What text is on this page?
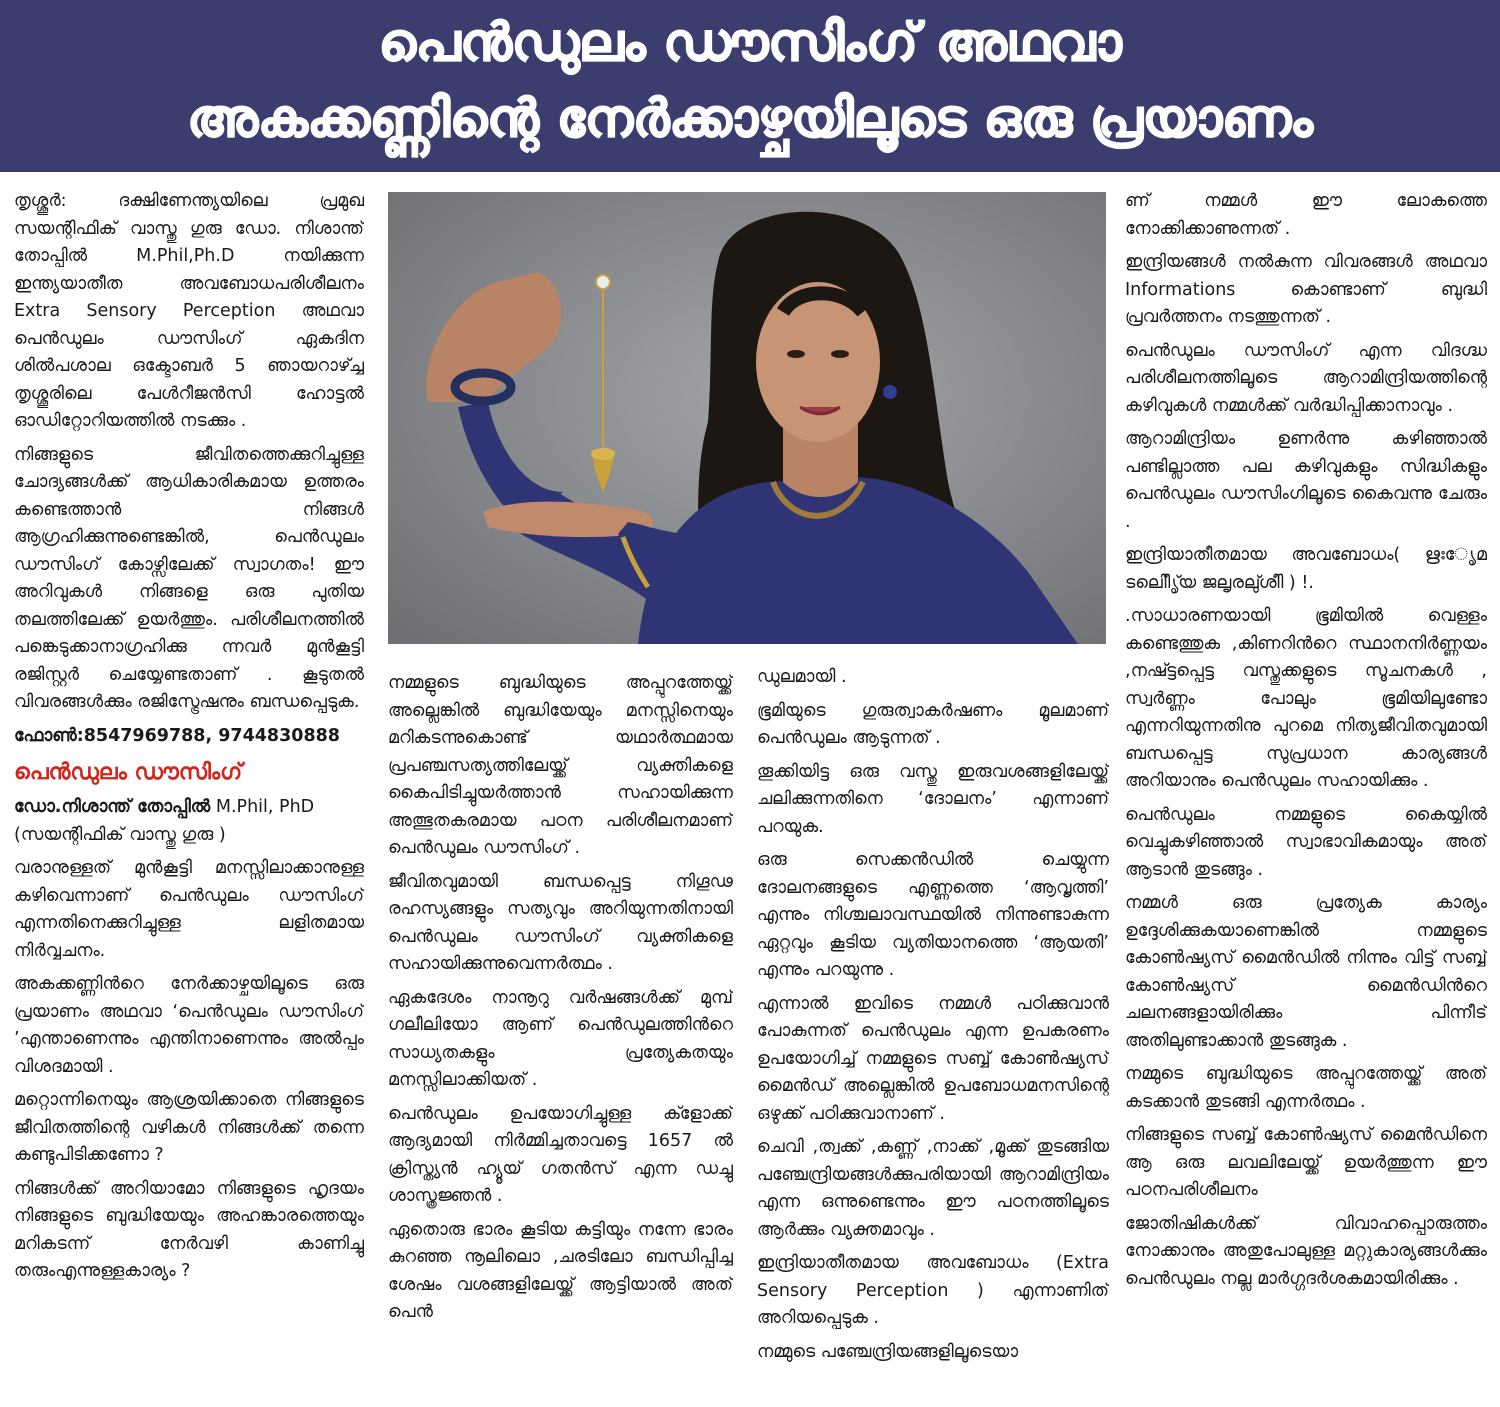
പെൻഡുലം ഡൗസിംഗ് അഥവാ
അകക്കണ്ണിന്റെ നേർക്കാഴ്ചയിലൂടെ ഒരു പ്രയാണം

തൃശ്ശൂർ: ദക്ഷിണേന്ത്യയിലെ പ്രമുഖ സയന്റിഫിക് വാസ്തു ഗുരു ഡോ. നിശാന്ത് തോപ്പിൽ M.Phil,Ph.D നയിക്കുന്ന ഇന്ത്യയാതീത അവബോധപരിശീലനം Extra Sensory Perception അഥവാ പെൻഡുലം ഡൗസിംഗ് ഏകദിന ശിൽപശാല ഒക്ടോബർ 5 ഞായറാഴ്ച്ച തൃശ്ശൂരിലെ പേൾറീജൻസി ഹോട്ടൽ ഓഡിറ്റോറിയത്തിൽ നടക്കും .

നിങ്ങളുടെ ജീവിതത്തെക്കുറിച്ചുള്ള ചോദ്യങ്ങൾക്ക് ആധികാരികമായ ഉത്തരം കണ്ടെത്താൻ നിങ്ങൾ ആഗ്രഹിക്കുന്നുണ്ടെങ്കിൽ, പെൻഡുലം ഡൗസിംഗ് കോഴ്സിലേക്ക് സ്വാഗതം! ഈ അറിവുകൾ നിങ്ങളെ ഒരു പുതിയ തലത്തിലേക്ക് ഉയർത്തും. പരിശീലനത്തിൽ പങ്കെടുക്കാനാഗ്രഹിക്കു ന്നവർ മുൻകൂട്ടി രജിസ്റ്റർ ചെയ്യേണ്ടതാണ് . കൂടുതൽ വിവരങ്ങൾക്കും രജിസ്ട്രേഷനും ബന്ധപ്പെടുക.

ഫോൺ:8547969788, 9744830888
പെൻഡുലം ഡൗസിംഗ്
ഡോ.നിശാന്ത് തോപ്പിൽ M.Phil, PhD

(സയന്റിഫിക് വാസ്തു ഗുരു )

വരാനുള്ളത് മുൻകൂട്ടി മനസ്സിലാക്കാനുള്ള കഴിവെന്നാണ് പെൻഡുലം ഡൗസിംഗ് എന്നതിനെക്കുറിച്ചുള്ള ലളിതമായ നിർവ്വചനം.

അകക്കണ്ണിൻറെ നേർക്കാഴ്ചയിലൂടെ ഒരു പ്രയാണം അഥവാ ‘പെൻഡുലം ഡൗസിംഗ് ’എന്താണെന്നും എന്തിനാണെന്നും അൽപ്പം വിശദമായി .

മറ്റൊന്നിനെയും ആശ്രയിക്കാതെ നിങ്ങളുടെ ജീവിതത്തിന്റെ വഴികൾ നിങ്ങൾക്ക് തന്നെ കണ്ടുപിടിക്കണോ ?

നിങ്ങൾക്ക് അറിയാമോ നിങ്ങളുടെ ഹൃദയം നിങ്ങളുടെ ബുദ്ധിയേയും അഹങ്കാരത്തെയും മറികടന്ന് നേർവഴി കാണിച്ചു തരുംഎന്നുള്ളകാര്യം ?

നമ്മളുടെ ബുദ്ധിയുടെ അപ്പുറത്തേയ്ക്ക് അല്ലെങ്കിൽ ബുദ്ധിയേയും മനസ്സിനെയും മറികടന്നുകൊണ്ട് യഥാർത്ഥമായ പ്രപഞ്ചസത്യത്തിലേയ്ക്ക് വ്യക്തികളെ കൈപിടിച്ചുയർത്താൻ സഹായിക്കുന്ന അത്ഭുതകരമായ പഠന പരിശീലനമാണ് പെൻഡുലം ഡൗസിംഗ് .

ജീവിതവുമായി ബന്ധപ്പെട്ട നിഗൂഢ രഹസ്യങ്ങളും സത്യവും അറിയുന്നതിനായി പെൻഡുലം ഡൗസിംഗ് വ്യക്തികളെ സഹായിക്കുന്നുവെന്നർത്ഥം .

ഏകദേശം നാനൂറു വർഷങ്ങൾക്ക് മുമ്പ് ഗലീലിയോ ആണ് പെൻഡുലത്തിൻറെ സാധ്യതകളും പ്രത്യേകതയും മനസ്സിലാക്കിയത് .

പെൻഡുലം ഉപയോഗിച്ചുള്ള ക്ളോക്ക് ആദ്യമായി നിർമ്മിച്ചതാവട്ടെ 1657 ൽ ക്രിസ്ത്യൻ ഹ്യൂയ് ഗതൻസ് എന്ന ഡച്ചു ശാസ്ത്രജ്ഞൻ .

ഏതൊരു ഭാരം കൂടിയ കട്ടിയും നന്നേ ഭാരം കുറഞ്ഞ നൂലിലൊ ,ചരടിലോ ബന്ധിപ്പിച്ച ശേഷം വശങ്ങളിലേയ്ക്ക് ആട്ടിയാൽ അത് പെൻ

ഡുലമായി .

ഭൂമിയുടെ ഗുരുത്വാകർഷണം മൂലമാണ് പെൻഡുലം ആടുന്നത് .

തൂക്കിയിട്ട ഒരു വസ്തു ഇരുവശങ്ങളിലേയ്ക്ക് ചലിക്കുന്നതിനെ ‘ദോലനം’ എന്നാണ് പറയുക.

ഒരു സെക്കൻഡിൽ ചെയ്യുന്ന ദോലനങ്ങളുടെ എണ്ണത്തെ ‘ആവൃത്തി’ എന്നും നിശ്ചലാവസ്ഥയിൽ നിന്നുണ്ടാകുന്ന ഏറ്റവും കൂടിയ വ്യതിയാനത്തെ ‘ആയതി’ എന്നും പറയുന്നു .

എന്നാൽ ഇവിടെ നമ്മൾ പഠിക്കുവാൻ പോകുന്നത് പെൻഡുലം എന്ന ഉപകരണം ഉപയോഗിച്ച് നമ്മളുടെ സബ്ബ് കോൺഷ്യസ് മൈൻഡ് അല്ലെങ്കിൽ ഉപബോധമനസിന്റെ ഒഴുക്ക് പഠിക്കുവാനാണ് .

ചെവി ,ത്വക്ക് ,കണ്ണ് ,നാക്ക് ,മൂക്ക് തുടങ്ങിയ പഞ്ചേന്ദ്രിയങ്ങൾക്കുപരിയായി ആറാമിന്ദ്രിയം എന്ന ഒന്നുണ്ടെന്നും ഈ പഠനത്തിലൂടെ ആർക്കും വ്യക്തമാവും .

ഇന്ദ്രിയാതീതമായ അവബോധം (Extra Sensory Perception ) എന്നാണിത് അറിയപ്പെടുക .

നമ്മുടെ പഞ്ചേന്ദ്രിയങ്ങളിലൂടെയാ

ണ് നമ്മൾ ഈ ലോകത്തെ നോക്കിക്കാണുന്നത് .

ഇന്ദ്രിയങ്ങൾ നൽകുന്ന വിവരങ്ങൾ അഥവാ Informations കൊണ്ടാണ് ബുദ്ധി പ്രവർത്തനം നടത്തുന്നത് .

പെൻഡുലം ഡൗസിംഗ് എന്ന വിദഗ്ദ്ധ പരിശീലനത്തിലൂടെ ആറാമിന്ദ്രിയത്തിന്റെ കഴിവുകൾ നമ്മൾക്ക് വർദ്ധിപ്പിക്കാനാവും .

ആറാമിന്ദ്രിയം ഉണർന്നു കഴിഞ്ഞാൽ പണ്ടില്ലാത്ത പല കഴിവുകളും സിദ്ധികളും പെൻഡുലം ഡൗസിംഗിലൂടെ കൈവന്നു ചേരും .

ഇന്ദ്രിയാതീതമായ അവബോധം( ഋഃേൃമ ടലിീെൃ്യ ജലൃരലു്ശീി ) !.

.സാധാരണയായി ഭൂമിയിൽ വെള്ളം കണ്ടെത്തുക ,കിണറിൻറെ സ്ഥാനനിർണ്ണയം ,നഷ്ട്ടപ്പെട്ട വസ്തുക്കളുടെ സൂചനകൾ , സ്വർണ്ണം പോലും ഭൂമിയിലുണ്ടോ എന്നറിയുന്നതിനു പുറമെ നിത്യജീവിതവുമായി ബന്ധപ്പെട്ട സുപ്രധാന കാര്യങ്ങൾ അറിയാനും പെൻഡുലം സഹായിക്കും .

പെൻഡുലം നമ്മളുടെ കൈയ്യിൽ വെച്ചുകഴിഞ്ഞാൽ സ്വാഭാവികമായും അത് ആടാൻ തുടങ്ങും .

നമ്മൾ ഒരു പ്രത്യേക കാര്യം ഉദ്ദേശിക്കുകയാണെങ്കിൽ നമ്മളുടെ കോൺഷ്യസ് മൈൻഡിൽ നിന്നും വിട്ട് സബ്ബ് കോൺഷ്യസ് മൈൻഡിൻറെ ചലനങ്ങളായിരിക്കും പിന്നീട് അതിലുണ്ടാക്കാൻ തുടങ്ങുക .

നമ്മുടെ ബുദ്ധിയുടെ അപ്പുറത്തേയ്ക്ക് അത് കടക്കാൻ തുടങ്ങി എന്നർത്ഥം .

നിങ്ങളുടെ സബ്ബ് കോൺഷ്യസ് മൈൻഡിനെ ആ ഒരു ലവലിലേയ്ക്ക് ഉയർത്തുന്ന ഈ പഠനപരിശീലനം

ജോതിഷികൾക്ക് വിവാഹപ്പൊരുത്തം നോക്കാനും അതുപോലുള്ള മറ്റുകാര്യങ്ങൾക്കും പെൻഡുലം നല്ല മാർഗ്ഗദർശകമായിരിക്കും .
